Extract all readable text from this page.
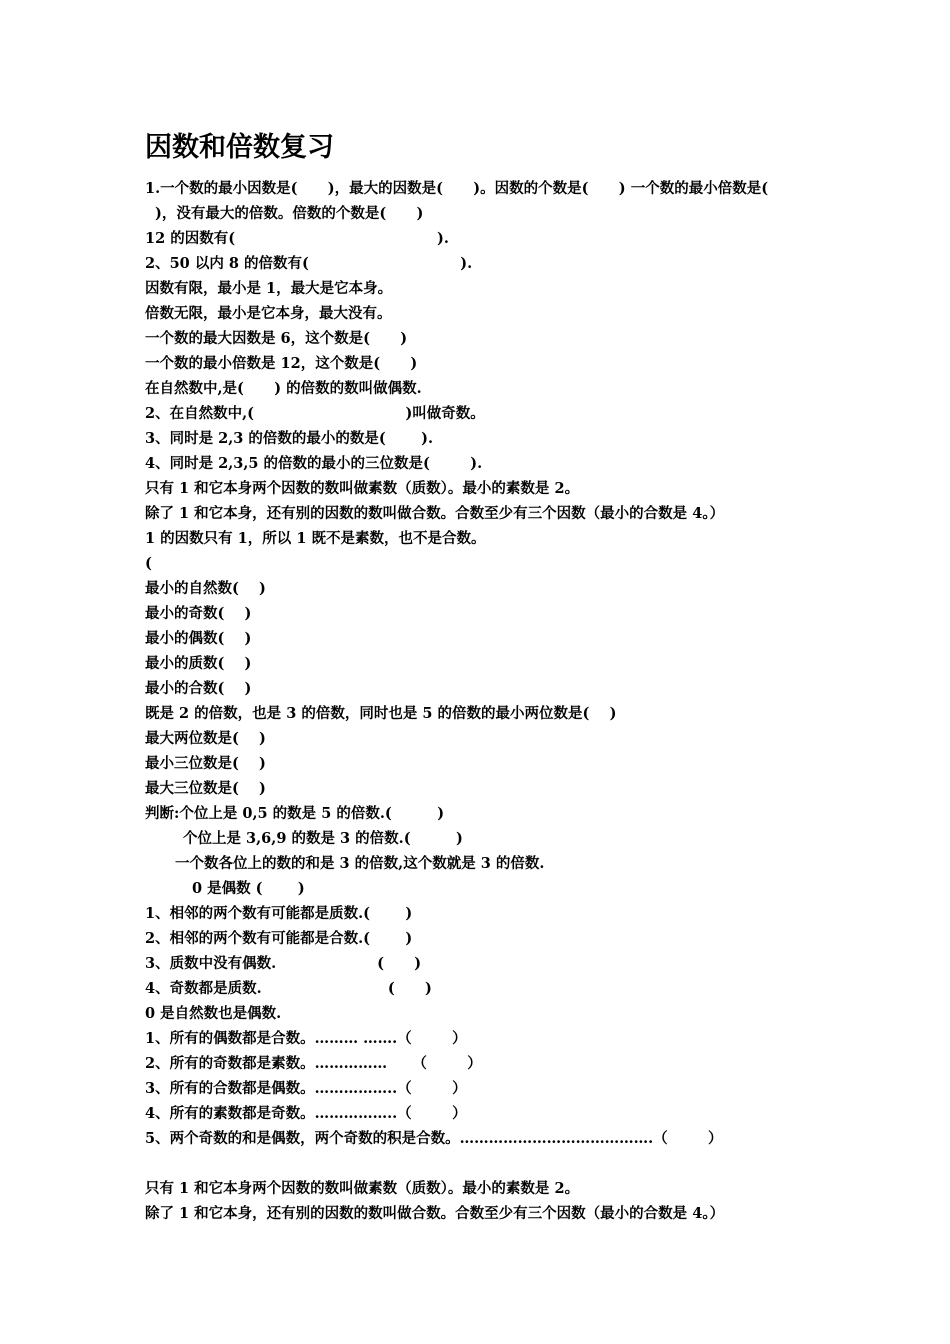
因数和倍数复习
1.一个数的最小因数是(      )，最大的因数是(      )。因数的个数是(      ) 一个数的最小倍数是(
)，没有最大的倍数。倍数的个数是(      )
12 的因数有(                                        ).
2、50 以内 8 的倍数有(                              ).
因数有限，最小是 1，最大是它本身。
倍数无限，最小是它本身，最大没有。
一个数的最大因数是 6，这个数是(      )
一个数的最小倍数是 12，这个数是(      )
在自然数中,是(      ) 的倍数的数叫做偶数.
2、在自然数中,(                              )叫做奇数。
3、同时是 2,3 的倍数的最小的数是(       ).
4、同时是 2,3,5 的倍数的最小的三位数是(        ).
只有 1 和它本身两个因数的数叫做素数（质数）。最小的素数是 2。
除了 1 和它本身，还有别的因数的数叫做合数。合数至少有三个因数（最小的合数是 4。）
1 的因数只有 1，所以 1 既不是素数，也不是合数。
(
最小的自然数(    )
最小的奇数(    )
最小的偶数(    )
最小的质数(    )
最小的合数(    )
既是 2 的倍数，也是 3 的倍数，同时也是 5 的倍数的最小两位数是(    )
最大两位数是(    )
最小三位数是(    )
最大三位数是(    )
判断:个位上是 0,5 的数是 5 的倍数.(         )
个位上是 3,6,9 的数是 3 的倍数.(         )
一个数各位上的数的和是 3 的倍数,这个数就是 3 的倍数.
0 是偶数 (       )
1、相邻的两个数有可能都是质数.(       )
2、相邻的两个数有可能都是合数.(       )
3、质数中没有偶数.                    (      )
4、奇数都是质数.                         (      )
0 是自然数也是偶数.
1、所有的偶数都是合数。……… …….（        ）
2、所有的奇数都是素数。……………     （        ）
3、所有的合数都是偶数。……………..（        ）
4、所有的素数都是奇数。……………..（        ）
5、两个奇数的和是偶数，两个奇数的积是合数。………………………………….（        ）
只有 1 和它本身两个因数的数叫做素数（质数）。最小的素数是 2。
除了 1 和它本身，还有别的因数的数叫做合数。合数至少有三个因数（最小的合数是 4。）
